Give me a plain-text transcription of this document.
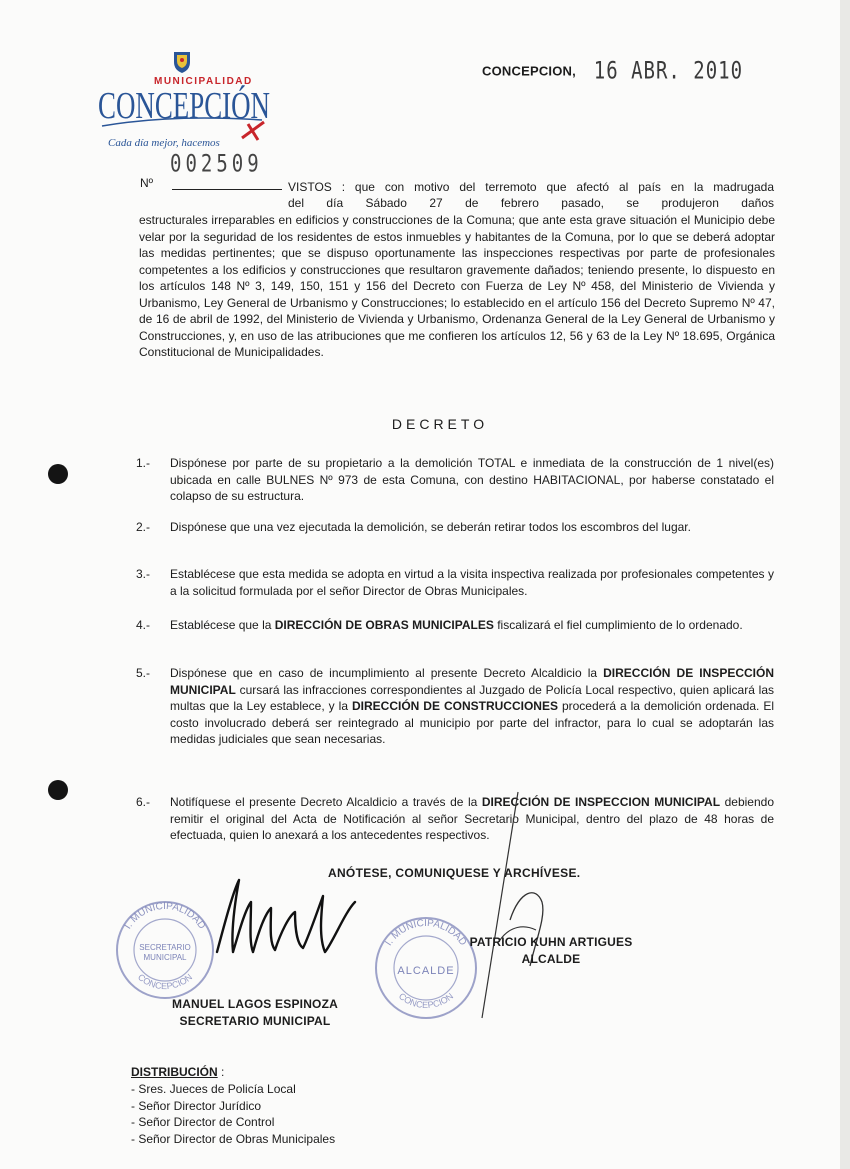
MUNICIPALIDAD
CONCEPCIÓN
Cada día mejor, hacemos
CONCEPCION, 16 ABR. 2010
002509
Nº	VISTOS : que con motivo del terremoto que afectó al país en la madrugada
del día Sábado 27 de febrero pasado, se produjeron daños
estructurales irreparables en edificios y construcciones de la Comuna; que ante esta grave situación el Municipio debe velar por la seguridad de los residentes de estos inmuebles y habitantes de la Comuna, por lo que se deberá adoptar las medidas pertinentes; que se dispuso oportunamente las inspecciones respectivas por parte de profesionales competentes a los edificios y construcciones que resultaron gravemente dañados; teniendo presente, lo dispuesto en los artículos 148 Nº 3, 149, 150, 151 y 156 del Decreto con Fuerza de Ley Nº 458, del Ministerio de Vivienda y Urbanismo, Ley General de Urbanismo y Construcciones; lo establecido en el artículo 156 del Decreto Supremo Nº 47, de 16 de abril de 1992, del Ministerio de Vivienda y Urbanismo, Ordenanza General de la Ley General de Urbanismo y Construcciones, y, en uso de las atribuciones que me confieren los artículos 12, 56 y 63 de la Ley Nº 18.695, Orgánica Constitucional de Municipalidades.
DECRETO
1.- Dispónese por parte de su propietario a la demolición TOTAL e inmediata de la construcción de 1 nivel(es) ubicada en calle BULNES Nº 973 de esta Comuna, con destino HABITACIONAL, por haberse constatado el colapso de su estructura.
2.- Dispónese que una vez ejecutada la demolición, se deberán retirar todos los escombros del lugar.
3.- Establécese que esta medida se adopta en virtud a la visita inspectiva realizada por profesionales competentes y a la solicitud formulada por el señor Director de Obras Municipales.
4.- Establécese que la DIRECCIÓN DE OBRAS MUNICIPALES fiscalizará el fiel cumplimiento de lo ordenado.
5.- Dispónese que en caso de incumplimiento al presente Decreto Alcaldicio la DIRECCIÓN DE INSPECCIÓN MUNICIPAL cursará las infracciones correspondientes al Juzgado de Policía Local respectivo, quien aplicará las multas que la Ley establece, y la DIRECCIÓN DE CONSTRUCCIONES procederá a la demolición ordenada. El costo involucrado deberá ser reintegrado al municipio por parte del infractor, para lo cual se adoptarán las medidas judiciales que sean necesarias.
6.- Notifíquese el presente Decreto Alcaldicio a través de la DIRECCIÓN DE INSPECCION MUNICIPAL debiendo remitir el original del Acta de Notificación al señor Secretario Municipal, dentro del plazo de 48 horas de efectuada, quien lo anexará a los antecedentes respectivos.
ANÓTESE, COMUNIQUESE Y ARCHÍVESE.
I. MUNICIPALIDAD
SECRETARIO
MUNICIPAL
CONCEPCION
I. MUNICIPALIDAD
ALCALDE
CONCEPCION
MANUEL LAGOS ESPINOZA
SECRETARIO MUNICIPAL
PATRICIO KUHN ARTIGUES
ALCALDE
DISTRIBUCIÓN :
- Sres. Jueces de Policía Local
- Señor Director Jurídico
- Señor Director de Control
- Señor Director de Obras Municipales
